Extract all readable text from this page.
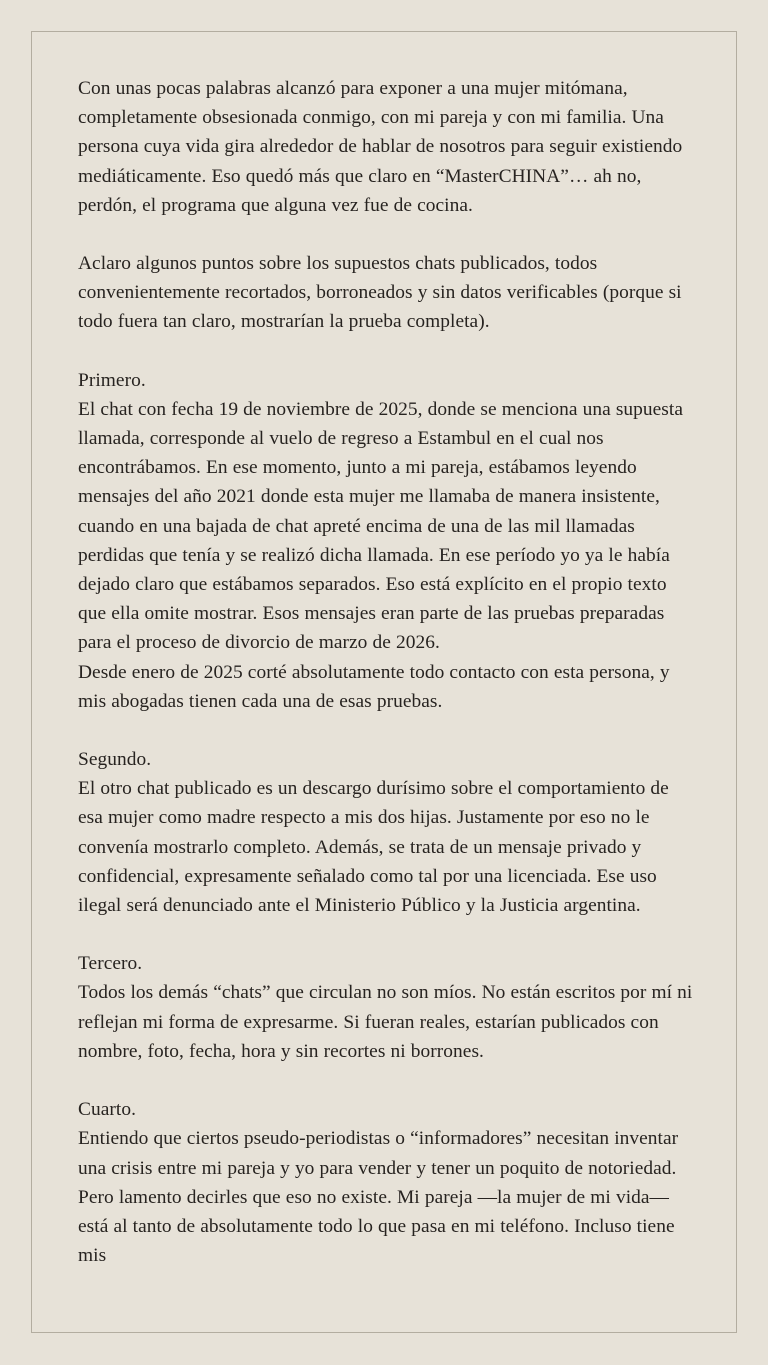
Con unas pocas palabras alcanzó para exponer a una mujer mitómana, completamente obsesionada conmigo, con mi pareja y con mi familia. Una persona cuya vida gira alrededor de hablar de nosotros para seguir existiendo mediáticamente. Eso quedó más que claro en “MasterCHINA”… ah no, perdón, el programa que alguna vez fue de cocina.

Aclaro algunos puntos sobre los supuestos chats publicados, todos convenientemente recortados, borroneados y sin datos verificables (porque si todo fuera tan claro, mostrarían la prueba completa).

Primero.
El chat con fecha 19 de noviembre de 2025, donde se menciona una supuesta llamada, corresponde al vuelo de regreso a Estambul en el cual nos encontrábamos. En ese momento, junto a mi pareja, estábamos leyendo mensajes del año 2021 donde esta mujer me llamaba de manera insistente, cuando en una bajada de chat apreté encima de una de las mil llamadas perdidas que tenía y se realizó dicha llamada. En ese período yo ya le había dejado claro que estábamos separados. Eso está explícito en el propio texto que ella omite mostrar. Esos mensajes eran parte de las pruebas preparadas para el proceso de divorcio de marzo de 2026.
Desde enero de 2025 corté absolutamente todo contacto con esta persona, y mis abogadas tienen cada una de esas pruebas.

Segundo.
El otro chat publicado es un descargo durísimo sobre el comportamiento de esa mujer como madre respecto a mis dos hijas. Justamente por eso no le convenía mostrarlo completo. Además, se trata de un mensaje privado y confidencial, expresamente señalado como tal por una licenciada. Ese uso ilegal será denunciado ante el Ministerio Público y la Justicia argentina.

Tercero.
Todos los demás “chats” que circulan no son míos. No están escritos por mí ni reflejan mi forma de expresarme. Si fueran reales, estarían publicados con nombre, foto, fecha, hora y sin recortes ni borrones.

Cuarto.
Entiendo que ciertos pseudo-periodistas o “informadores” necesitan inventar una crisis entre mi pareja y yo para vender y tener un poquito de notoriedad. Pero lamento decirles que eso no existe. Mi pareja —la mujer de mi vida— está al tanto de absolutamente todo lo que pasa en mi teléfono. Incluso tiene mis
